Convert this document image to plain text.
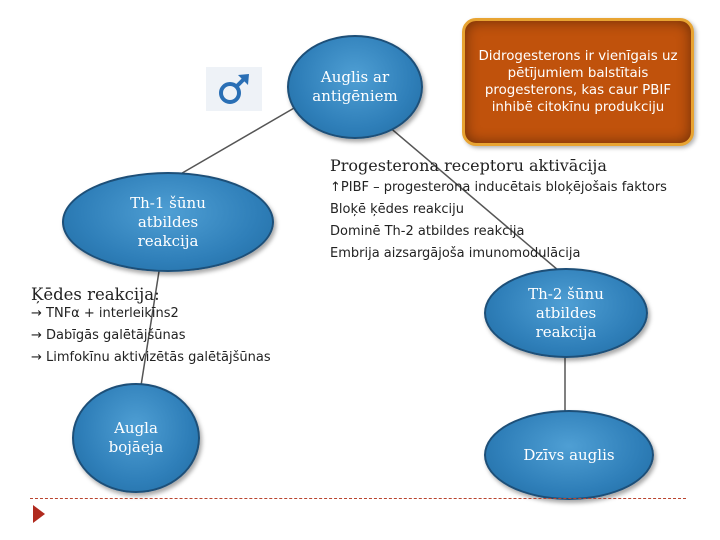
Auglis ar antigēniem
Didrogesterons ir vienīgais uz pētījumiem balstītais progesterons, kas caur PBIF inhibē citokīnu produkciju
Progesterona receptoru aktivācija
↑PIBF – progesterona inducētais bloķējošais faktors
Bloķē ķēdes reakciju
Dominē Th-2 atbildes reakcija
Embrija aizsargājoša imunomodulācija
Th-1 šūnu atbildes reakcija
Ķēdes reakcija:
→ TNFα + interleikīns2
→ Dabīgās galētājšūnas
→ Limfokīnu aktivizētās galētājšūnas
Th-2 šūnu atbildes reakcija
Augla bojāeja	Dzīvs auglis
